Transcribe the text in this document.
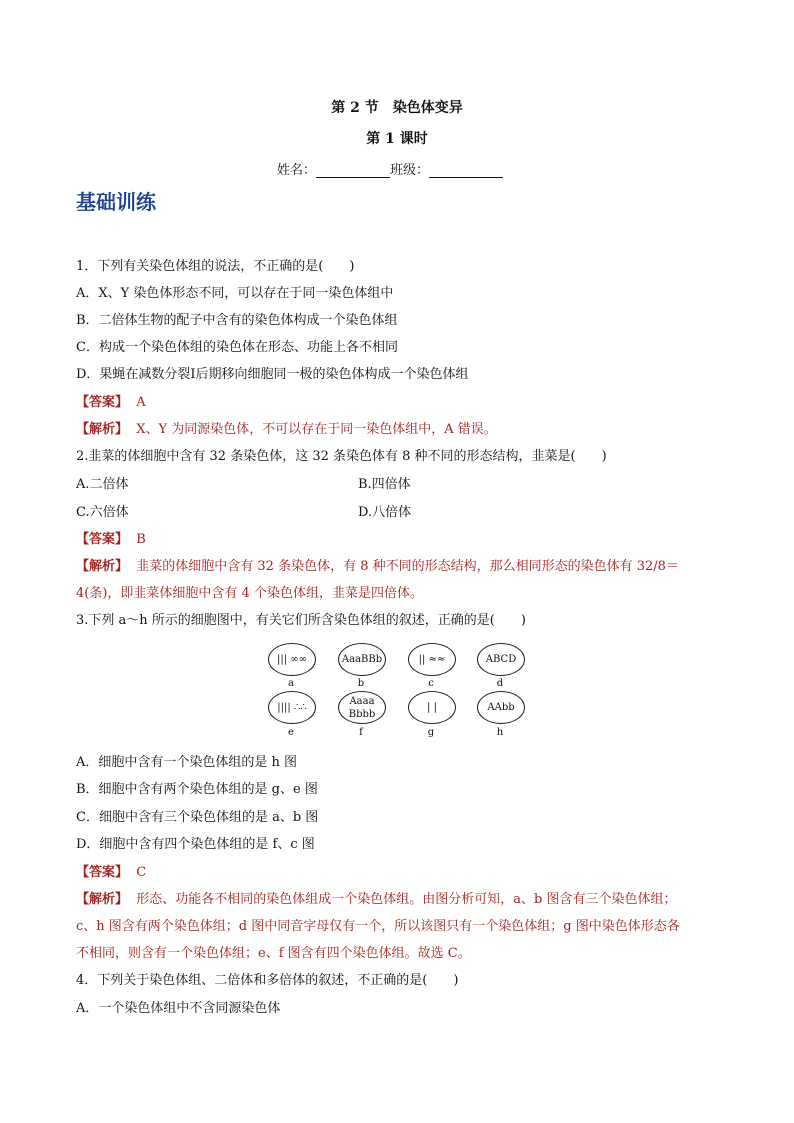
第 2 节　染色体变异
第 1 课时
姓名：	班级：
基础训练
1．下列有关染色体组的说法，不正确的是(　　)
A．X、Y 染色体形态不同，可以存在于同一染色体组中
B．二倍体生物的配子中含有的染色体构成一个染色体组
C．构成一个染色体组的染色体在形态、功能上各不相同
D．果蝇在减数分裂Ⅰ后期移向细胞同一极的染色体构成一个染色体组
【答案】 A
【解析】 X、Y 为同源染色体，不可以存在于同一染色体组中，A 错误。
2.韭菜的体细胞中含有 32 条染色体，这 32 条染色体有 8 种不同的形态结构，韭菜是(　　)
A.二倍体	B.四倍体
C.六倍体	D.八倍体
【答案】 B
【解析】 韭菜的体细胞中含有 32 条染色体，有 8 种不同的形态结构，那么相同形态的染色体有 32/8＝
4(条)，即韭菜体细胞中含有 4 个染色体组，韭菜是四倍体。
3.下列 a～h 所示的细胞图中，有关它们所含染色体组的叙述，正确的是(　　)
||| ∞∞
a
AaaBBb
b
|| ≈≈
c
ABCD
d
|||| ∴∴
e
Aaaa
Bbbb
f
| |
g
AAbb
h
A．细胞中含有一个染色体组的是 h 图
B．细胞中含有两个染色体组的是 g、e 图
C．细胞中含有三个染色体组的是 a、b 图
D．细胞中含有四个染色体组的是 f、c 图
【答案】 C
【解析】 形态、功能各不相同的染色体组成一个染色体组。由图分析可知，a、b 图含有三个染色体组；
c、h 图含有两个染色体组；d 图中同音字母仅有一个，所以该图只有一个染色体组；g 图中染色体形态各
不相同，则含有一个染色体组；e、f 图含有四个染色体组。故选 C。
4．下列关于染色体组、二倍体和多倍体的叙述，不正确的是(　　)
A．一个染色体组中不含同源染色体
